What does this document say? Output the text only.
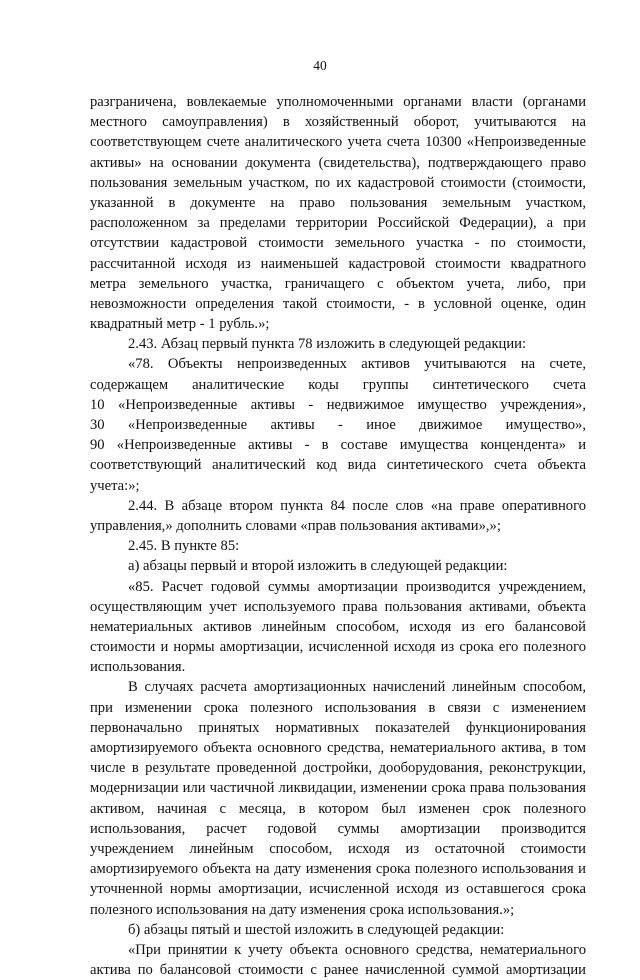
40
разграничена, вовлекаемые уполномоченными органами власти (органами
местного самоуправления) в хозяйственный оборот, учитываются на
соответствующем счете аналитического учета счета 10300 «Непроизведенные
активы» на основании документа (свидетельства), подтверждающего право
пользования земельным участком, по их кадастровой стоимости (стоимости,
указанной в документе на право пользования земельным участком,
расположенном за пределами территории Российской Федерации), а при
отсутствии кадастровой стоимости земельного участка - по стоимости,
рассчитанной исходя из наименьшей кадастровой стоимости квадратного
метра земельного участка, граничащего с объектом учета, либо, при
невозможности определения такой стоимости, - в условной оценке, один
квадратный метр - 1 рубль.»;
2.43. Абзац первый пункта 78 изложить в следующей редакции:
«78. Объекты непроизведенных активов учитываются на счете,
содержащем аналитические коды группы синтетического счета
10 «Непроизведенные активы - недвижимое имущество учреждения»,
30 «Непроизведенные активы - иное движимое имущество»,
90 «Непроизведенные активы - в составе имущества концендента» и
соответствующий аналитический код вида синтетического счета объекта
учета:»;
2.44. В абзаце втором пункта 84 после слов «на праве оперативного
управления,» дополнить словами «прав пользования активами»,»;
2.45. В пункте 85:
а) абзацы первый и второй изложить в следующей редакции:
«85. Расчет годовой суммы амортизации производится учреждением,
осуществляющим учет используемого права пользования активами, объекта
нематериальных активов линейным способом, исходя из его балансовой
стоимости и нормы амортизации, исчисленной исходя из срока его полезного
использования.
В случаях расчета амортизационных начислений линейным способом,
при изменении срока полезного использования в связи с изменением
первоначально принятых нормативных показателей функционирования
амортизируемого объекта основного средства, нематериального актива, в том
числе в результате проведенной достройки, дооборудования, реконструкции,
модернизации или частичной ликвидации, изменении срока права пользования
активом, начиная с месяца, в котором был изменен срок полезного
использования, расчет годовой суммы амортизации производится
учреждением линейным способом, исходя из остаточной стоимости
амортизируемого объекта на дату изменения срока полезного использования и
уточненной нормы амортизации, исчисленной исходя из оставшегося срока
полезного использования на дату изменения срока использования.»;
б) абзацы пятый и шестой изложить в следующей редакции:
«При принятии к учету объекта основного средства, нематериального
актива по балансовой стоимости с ранее начисленной суммой амортизации
